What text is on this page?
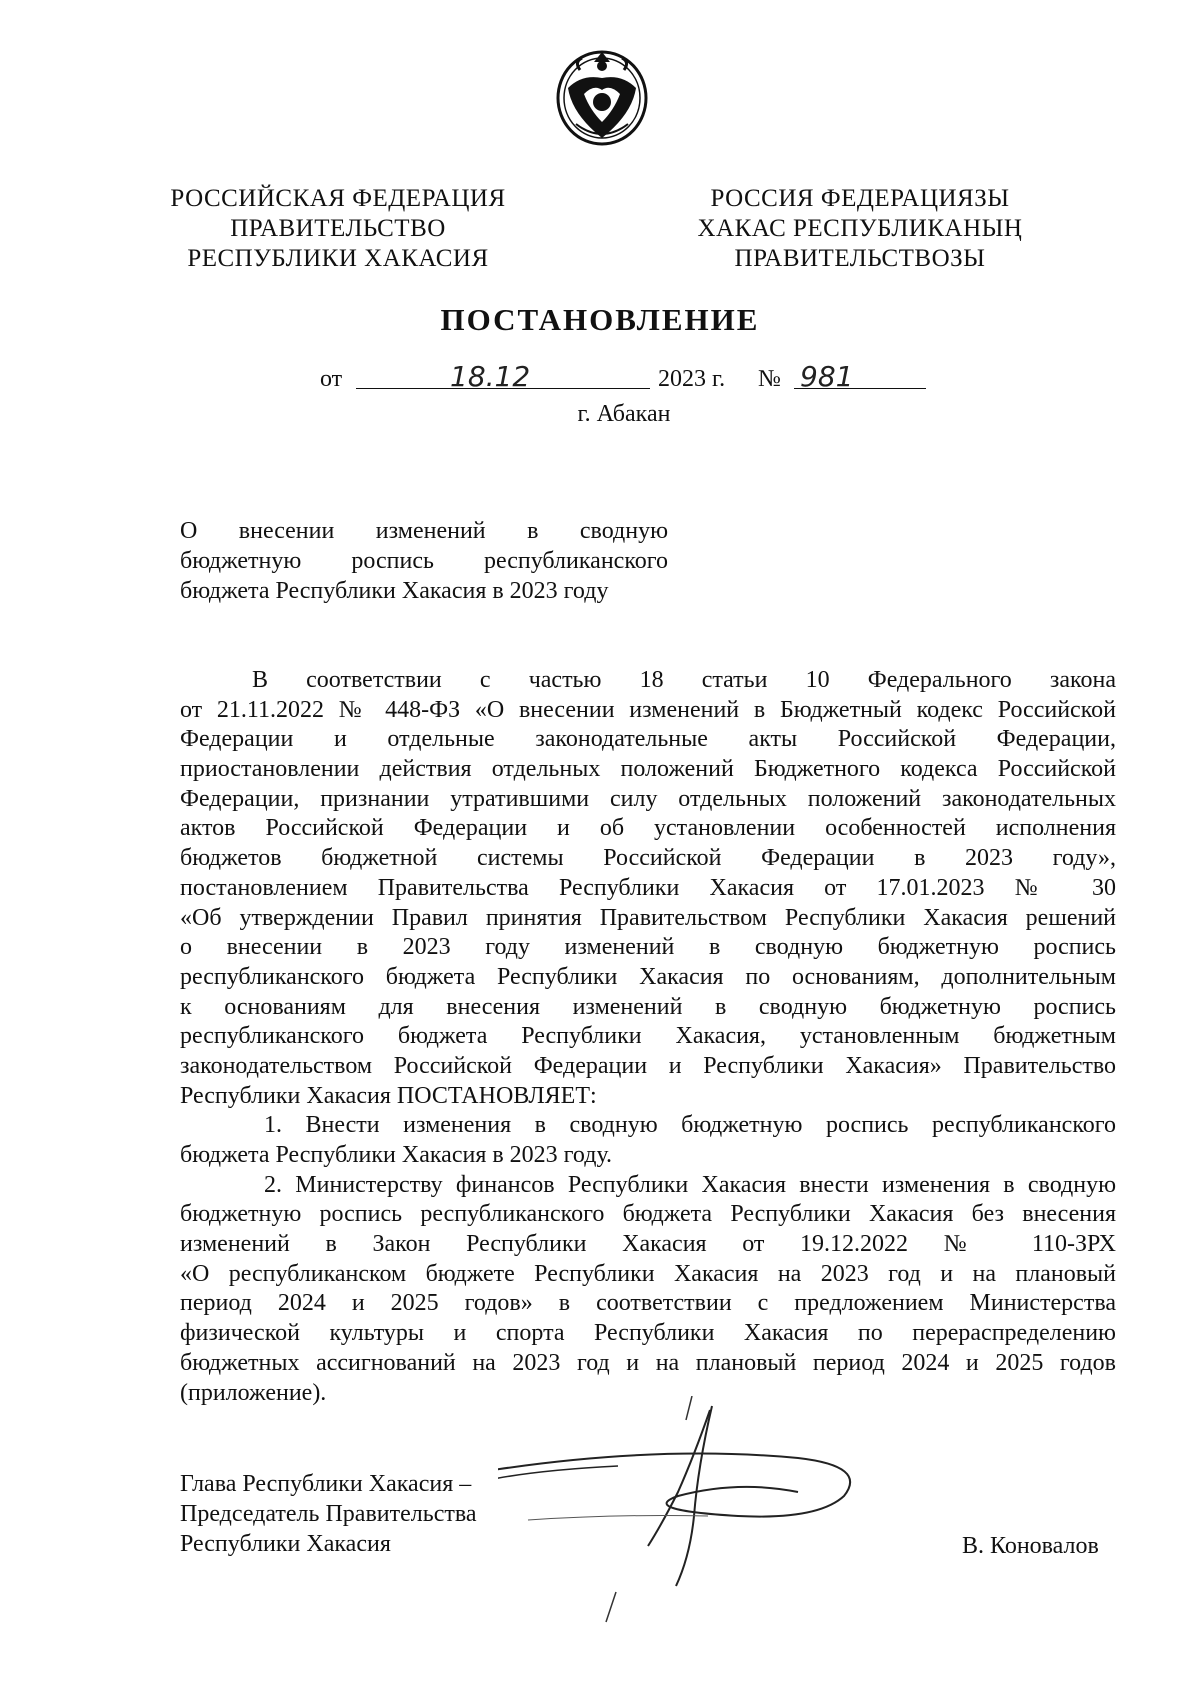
РОССИЙСКАЯ ФЕДЕРАЦИЯ
ПРАВИТЕЛЬСТВО
РЕСПУБЛИКИ ХАКАСИЯ
РОССИЯ ФЕДЕРАЦИЯЗЫ
ХАКАС РЕСПУБЛИКАНЫҢ
ПРАВИТЕЛЬСТВОЗЫ
ПОСТАНОВЛЕНИЕ
от	18.12	2023 г. № 981
г. Абакан
О внесении изменений в сводную
бюджетную роспись республиканского
бюджета Республики Хакасия в 2023 году
В соответствии с частью 18 статьи 10 Федерального закона
от 21.11.2022 № 448-ФЗ «О внесении изменений в Бюджетный кодекс Российской
Федерации и отдельные законодательные акты Российской Федерации,
приостановлении действия отдельных положений Бюджетного кодекса Российской
Федерации, признании утратившими силу отдельных положений законодательных
актов Российской Федерации и об установлении особенностей исполнения
бюджетов бюджетной системы Российской Федерации в 2023 году»,
постановлением Правительства Республики Хакасия от 17.01.2023 № 30
«Об утверждении Правил принятия Правительством Республики Хакасия решений
о внесении в 2023 году изменений в сводную бюджетную роспись
республиканского бюджета Республики Хакасия по основаниям, дополнительным
к основаниям для внесения изменений в сводную бюджетную роспись
республиканского бюджета Республики Хакасия, установленным бюджетным
законодательством Российской Федерации и Республики Хакасия» Правительство
Республики Хакасия ПОСТАНОВЛЯЕТ:
1. Внести изменения в сводную бюджетную роспись республиканского
бюджета Республики Хакасия в 2023 году.
2. Министерству финансов Республики Хакасия внести изменения в сводную
бюджетную роспись республиканского бюджета Республики Хакасия без внесения
изменений в Закон Республики Хакасия от 19.12.2022 № 110-ЗРХ
«О республиканском бюджете Республики Хакасия на 2023 год и на плановый
период 2024 и 2025 годов» в соответствии с предложением Министерства
физической культуры и спорта Республики Хакасия по перераспределению
бюджетных ассигнований на 2023 год и на плановый период 2024 и 2025 годов
(приложение).
Глава Республики Хакасия –
Председатель Правительства
Республики Хакасия	В. Коновалов
